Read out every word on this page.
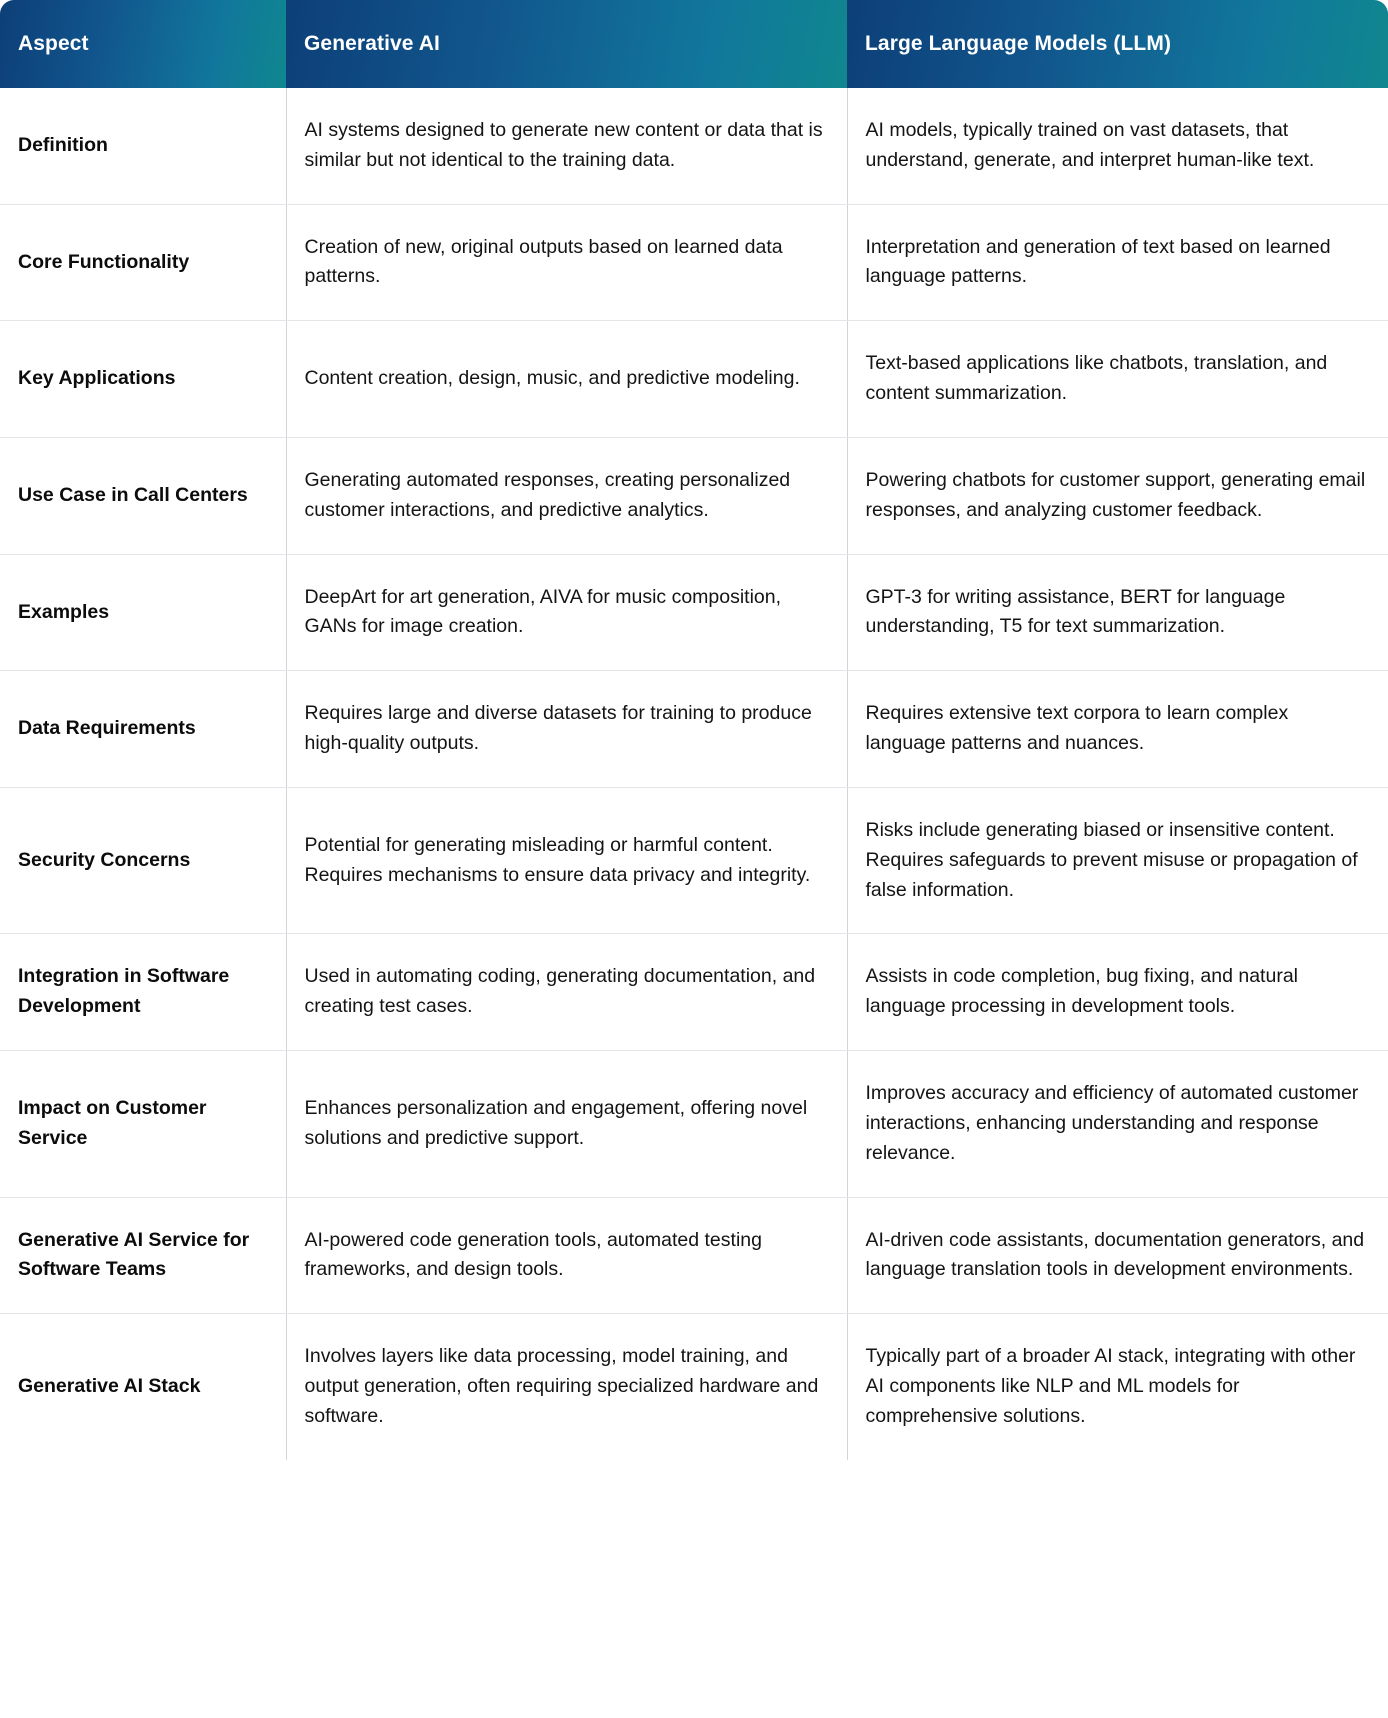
Aspect	Generative AI	Large Language Models (LLM)
Definition	AI systems designed to generate new content or data that is similar but not identical to the training data.	AI models, typically trained on vast datasets, that understand, generate, and interpret human-like text.
Core Functionality	Creation of new, original outputs based on learned data patterns.	Interpretation and generation of text based on learned language patterns.
Key Applications	Content creation, design, music, and predictive modeling.	Text-based applications like chatbots, translation, and content summarization.
Use Case in Call Centers	Generating automated responses, creating personalized customer interactions, and predictive analytics.	Powering chatbots for customer support, generating email responses, and analyzing customer feedback.
Examples	DeepArt for art generation, AIVA for music composition, GANs for image creation.	GPT-3 for writing assistance, BERT for language understanding, T5 for text summarization.
Data Requirements	Requires large and diverse datasets for training to produce high-quality outputs.	Requires extensive text corpora to learn complex language patterns and nuances.
Security Concerns	Potential for generating misleading or harmful content. Requires mechanisms to ensure data privacy and integrity.	Risks include generating biased or insensitive content. Requires safeguards to prevent misuse or propagation of false information.
Integration in Software Development	Used in automating coding, generating documentation, and creating test cases.	Assists in code completion, bug fixing, and natural language processing in development tools.
Impact on Customer Service	Enhances personalization and engagement, offering novel solutions and predictive support.	Improves accuracy and efficiency of automated customer interactions, enhancing understanding and response relevance.
Generative AI Service for Software Teams	AI-powered code generation tools, automated testing frameworks, and design tools.	AI-driven code assistants, documentation generators, and language translation tools in development environments.
Generative AI Stack	Involves layers like data processing, model training, and output generation, often requiring specialized hardware and software.	Typically part of a broader AI stack, integrating with other AI components like NLP and ML models for comprehensive solutions.
